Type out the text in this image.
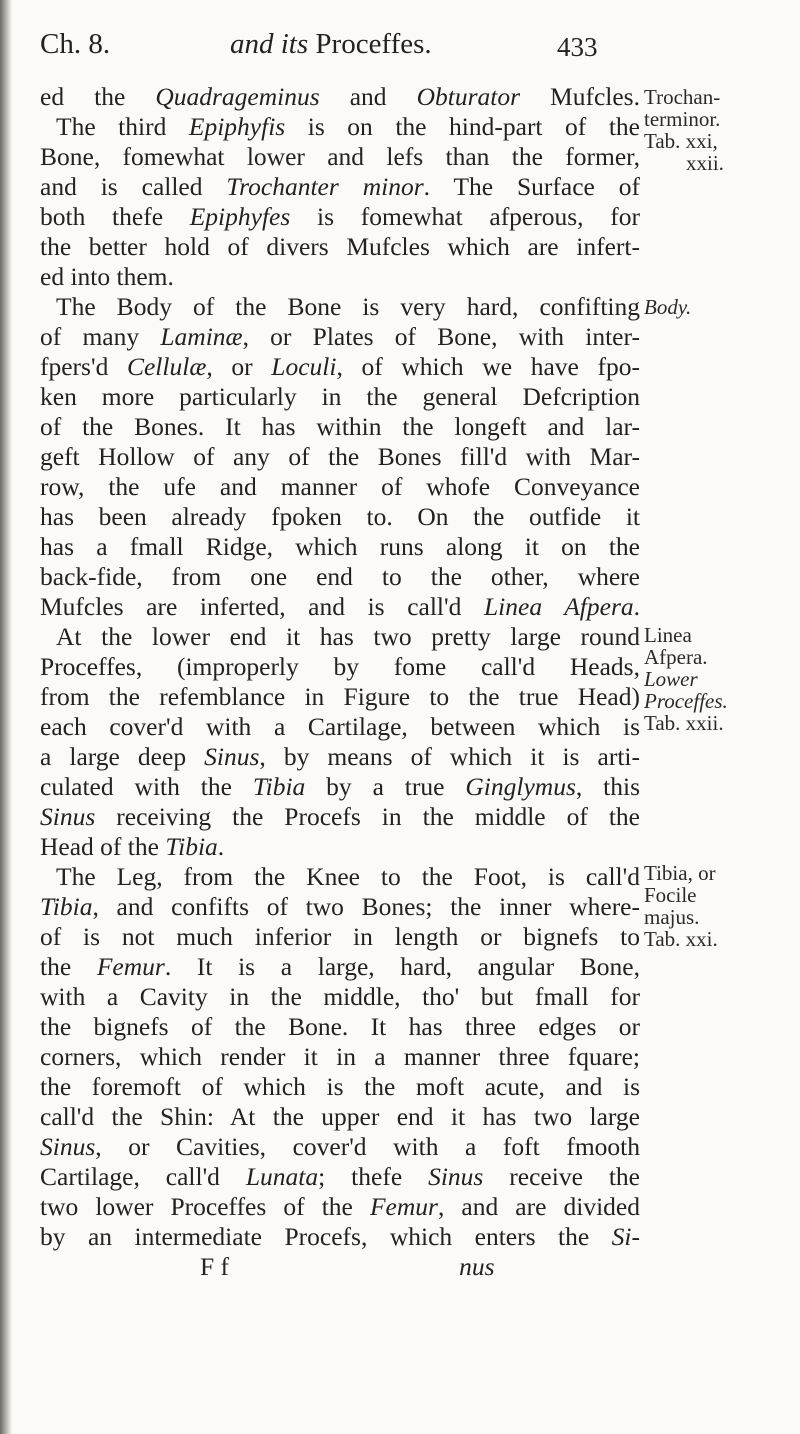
Ch. 8.	and its Proceffes.	433
ed the Quadrageminus and Obturator Mufcles.
The third Epiphyfis is on the hind-part of the
Bone, fomewhat lower and lefs than the former,
and is called Trochanter minor. The Surface of
both thefe Epiphyfes is fomewhat afperous, for
the better hold of divers Mufcles which are infert-
ed into them.
The Body of the Bone is very hard, confifting
of many Laminæ, or Plates of Bone, with inter-
fpers'd Cellulæ, or Loculi, of which we have fpo-
ken more particularly in the general Defcription
of the Bones. It has within the longeft and lar-
geft Hollow of any of the Bones fill'd with Mar-
row, the ufe and manner of whofe Conveyance
has been already fpoken to. On the outfide it
has a fmall Ridge, which runs along it on the
back-fide, from one end to the other, where
Mufcles are inferted, and is call'd Linea Afpera.
At the lower end it has two pretty large round
Proceffes, (improperly by fome call'd Heads,
from the refemblance in Figure to the true Head)
each cover'd with a Cartilage, between which is
a large deep Sinus, by means of which it is arti-
culated with the Tibia by a true Ginglymus, this
Sinus receiving the Procefs in the middle of the
Head of the Tibia.
The Leg, from the Knee to the Foot, is call'd
Tibia, and confifts of two Bones; the inner where-
of is not much inferior in length or bignefs to
the Femur. It is a large, hard, angular Bone,
with a Cavity in the middle, tho' but fmall for
the bignefs of the Bone. It has three edges or
corners, which render it in a manner three fquare;
the foremoft of which is the moft acute, and is
call'd the Shin: At the upper end it has two large
Sinus, or Cavities, cover'd with a foft fmooth
Cartilage, call'd Lunata; thefe Sinus receive the
two lower Proceffes of the Femur, and are divided
by an intermediate Procefs, which enters the Si-
F f	nus
Trochan-
terminor.
Tab. xxi,
xxii.
Body.
Linea
Afpera.
Lower
Proceffes.
Tab. xxii.
Tibia, or
Focile
majus.
Tab. xxi.
